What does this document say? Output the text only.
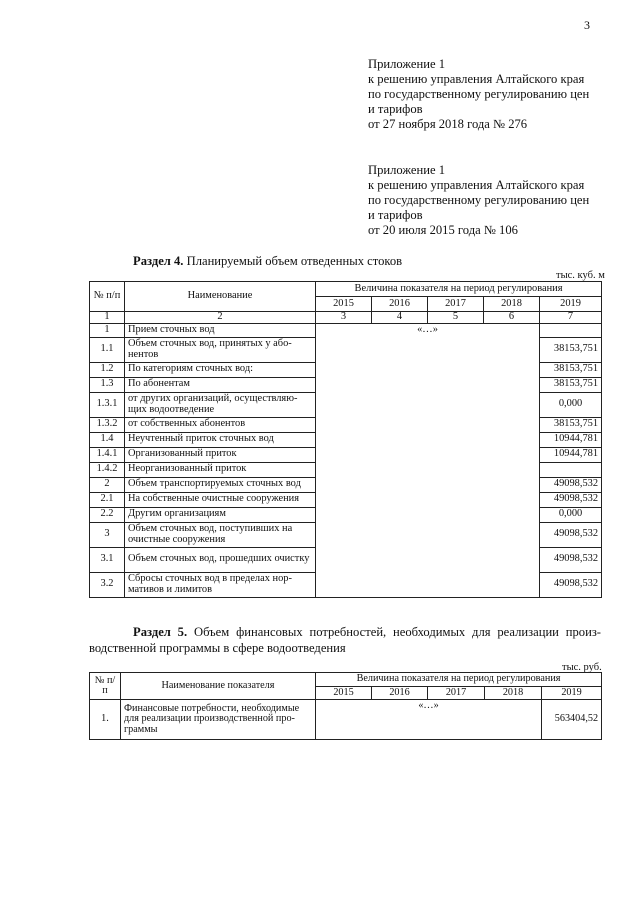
3
Приложение 1
к решению управления Алтайского края
по государственному регулированию цен
и тарифов
от 27 ноября 2018 года № 276
Приложение 1
к решению управления Алтайского края
по государственному регулированию цен
и тарифов
от 20 июля 2015 года № 106
Раздел 4. Планируемый объем отведенных стоков
тыс. куб. м
№ п/п	Наименование	Величина показателя на период регулирования				
		2015	2016	2017	2018	2019
1	2	3	4	5	6	7
1	Прием сточных вод	«…»				
1.1	Объем сточных вод, принятых у або-нентов					38153,751
1.2	По категориям сточных вод:					38153,751
1.3	По абонентам					38153,751
1.3.1	от других организаций, осуществляю-щих водоотведение					0,000
1.3.2	от собственных абонентов					38153,751
1.4	Неучтенный приток сточных вод					10944,781
1.4.1	Организованный приток					10944,781
1.4.2	Неорганизованный приток					
2	Объем транспортируемых сточных вод					49098,532
2.1	На собственные очистные сооружения					49098,532
2.2	Другим организациям					0,000
3	Объем сточных вод, поступивших на очистные сооружения					49098,532
3.1	Объем сточных вод, прошедших очистку					49098,532
3.2	Сбросы сточных вод в пределах нор-мативов и лимитов					49098,532
Раздел 5. Объем финансовых потребностей, необходимых для реализации произ-водственной программы в сфере водоотведения
тыс. руб.
№ п/п	Наименование показателя	Величина показателя на период регулирования				
		2015	2016	2017	2018	2019
1.	Финансовые потребности, необходимые для реализации производственной про-граммы	«…»				563404,52
